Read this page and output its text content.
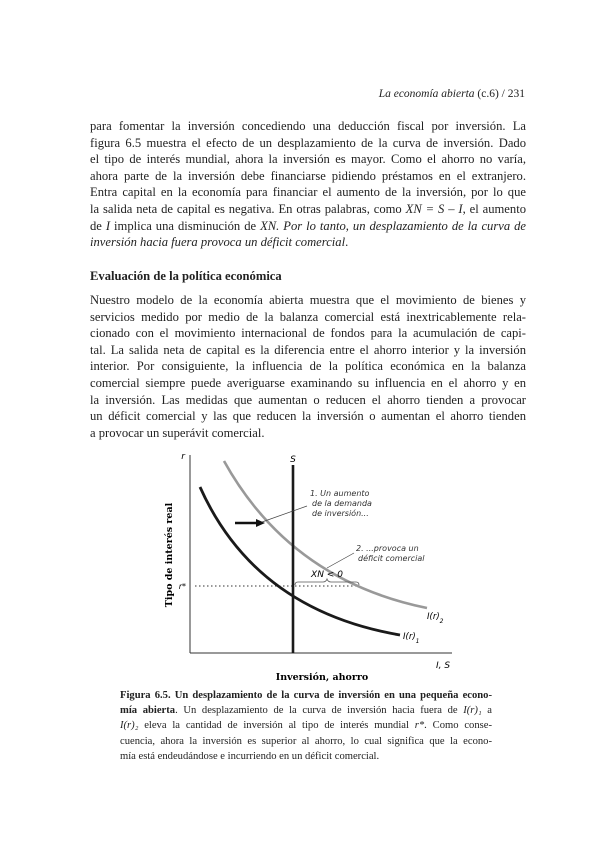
La economía abierta (c.6) / 231
para fomentar la inversión concediendo una deducción fiscal por inversión. La
figura 6.5 muestra el efecto de un desplazamiento de la curva de inversión. Dado
el tipo de interés mundial, ahora la inversión es mayor. Como el ahorro no varía,
ahora parte de la inversión debe financiarse pidiendo préstamos en el extranjero.
Entra capital en la economía para financiar el aumento de la inversión, por lo que
la salida neta de capital es negativa. En otras palabras, como XN = S – I, el aumento
de I implica una disminución de XN. Por lo tanto, un desplazamiento de la curva de
inversión hacia fuera provoca un déficit comercial.
Evaluación de la política económica
Nuestro modelo de la economía abierta muestra que el movimiento de bienes y
servicios medido por medio de la balanza comercial está inextricablemente rela-
cionado con el movimiento internacional de fondos para la acumulación de capi-
tal. La salida neta de capital es la diferencia entre el ahorro interior y la inversión
interior. Por consiguiente, la influencia de la política económica en la balanza
comercial siempre puede averiguarse examinando su influencia en el ahorro y en
la inversión. Las medidas que aumentan o reducen el ahorro tienden a provocar
un déficit comercial y las que reducen la inversión o aumentan el ahorro tienden
a provocar un superávit comercial.
r
Tipo de interés real
I, S
Inversión, ahorro
r*
S
XN < 0
1. Un aumento de la demanda de inversión...
2. ...provoca un déficit comercial
$I(r)_2$
$I(r)_1$
Figura 6.5. Un desplazamiento de la curva de inversión en una pequeña econo-
mía abierta. Un desplazamiento de la curva de inversión hacia fuera de I(r)₁ a
I(r)₂ eleva la cantidad de inversión al tipo de interés mundial r*. Como conse-
cuencia, ahora la inversión es superior al ahorro, lo cual significa que la econo-
mía está endeudándose e incurriendo en un déficit comercial.
